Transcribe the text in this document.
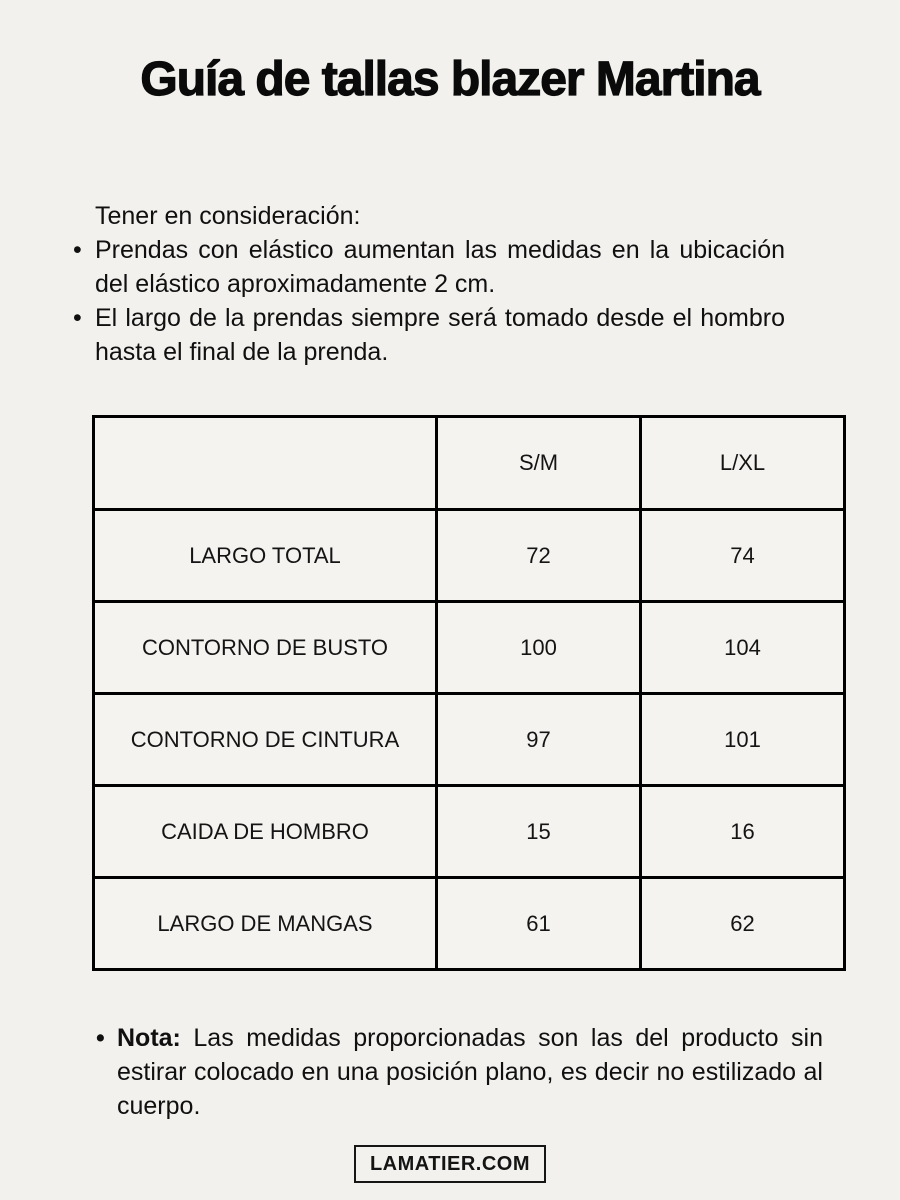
Guía de tallas blazer Martina

Tener en consideración:

• Prendas con elástico aumentan las medidas en la ubicación del elástico aproximadamente 2 cm.
• El largo de la prendas siempre será tomado desde el hombro hasta el final de la prenda.
	S/M	L/XL
LARGO TOTAL	72	74
CONTORNO DE BUSTO	100	104
CONTORNO DE CINTURA	97	101
CAIDA DE HOMBRO	15	16
LARGO DE MANGAS	61	62

• Nota: Las medidas proporcionadas son las del producto sin estirar colocado en una posición plano, es decir no estilizado al cuerpo.

LAMATIER.COM
